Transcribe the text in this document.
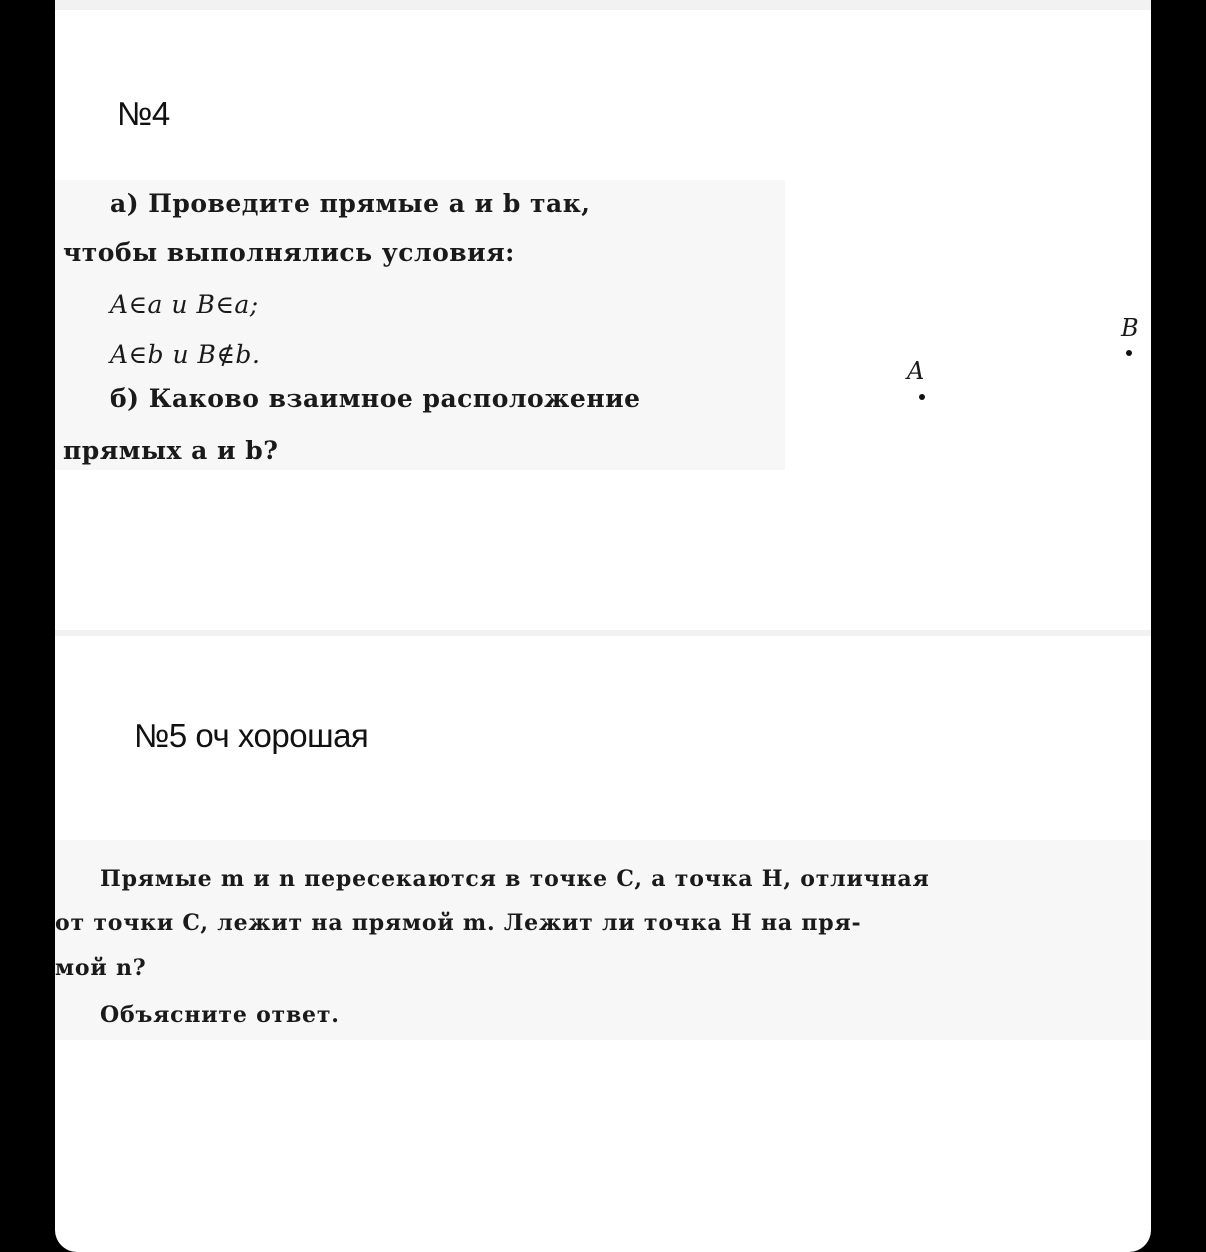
№4
а) Проведите прямые a и b так,
чтобы выполнялись условия:
A∈a и B∈a;
A∈b и B∉b.
б) Каково взаимное расположение
прямых a и b?
A
B
№5 оч хорошая
Прямые m и n пересекаются в точке C, а точка H, отличная
от точки C, лежит на прямой m. Лежит ли точка H на пря-
мой n?
Объясните ответ.
